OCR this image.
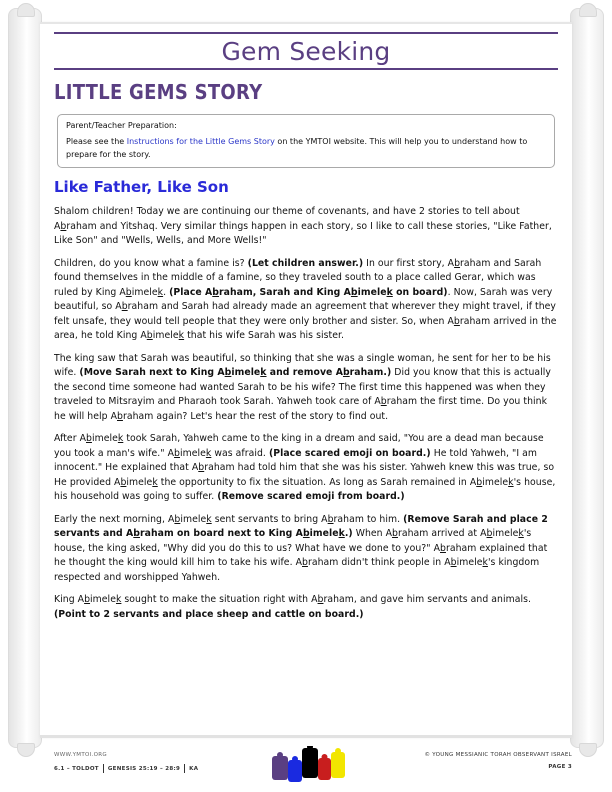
Gem Seeking
LITTLE GEMS STORY

Parent/Teacher Preparation:

Please see the Instructions for the Little Gems Story on the YMTOI website. This will help you to understand how to prepare for the story.

Like Father, Like Son

Shalom children! Today we are continuing our theme of covenants, and have 2 stories to tell about Abraham and Yitshaq. Very similar things happen in each story, so I like to call these stories, "Like Father, Like Son" and "Wells, Wells, and More Wells!"

Children, do you know what a famine is? (Let children answer.) In our first story, Abraham and Sarah found themselves in the middle of a famine, so they traveled south to a place called Gerar, which was ruled by King Abimelek. (Place Abraham, Sarah and King Abimelek on board). Now, Sarah was very beautiful, so Abraham and Sarah had already made an agreement that wherever they might travel, if they felt unsafe, they would tell people that they were only brother and sister. So, when Abraham arrived in the area, he told King Abimelek that his wife Sarah was his sister.

The king saw that Sarah was beautiful, so thinking that she was a single woman, he sent for her to be his wife. (Move Sarah next to King Abimelek and remove Abraham.) Did you know that this is actually the second time someone had wanted Sarah to be his wife? The first time this happened was when they traveled to Mitsrayim and Pharaoh took Sarah. Yahweh took care of Abraham the first time. Do you think he will help Abraham again? Let's hear the rest of the story to find out.

After Abimelek took Sarah, Yahweh came to the king in a dream and said, "You are a dead man because you took a man's wife." Abimelek was afraid. (Place scared emoji on board.) He told Yahweh, "I am innocent." He explained that Abraham had told him that she was his sister. Yahweh knew this was true, so He provided Abimelek the opportunity to fix the situation. As long as Sarah remained in Abimelek's house, his household was going to suffer. (Remove scared emoji from board.)

Early the next morning, Abimelek sent servants to bring Abraham to him. (Remove Sarah and place 2 servants and Abraham on board next to King Abimelek.) When Abraham arrived at Abimelek's house, the king asked, "Why did you do this to us? What have we done to you?" Abraham explained that he thought the king would kill him to take his wife. Abraham didn't think people in Abimelek's kingdom respected and worshipped Yahweh.

King Abimelek sought to make the situation right with Abraham, and gave him servants and animals. (Point to 2 servants and place sheep and cattle on board.)

WWW.YMTOI.ORG
6.1 – TOLDOT GENESIS 25:19 – 28:9 KA
© YOUNG MESSIANIC TORAH OBSERVANT ISRAEL
PAGE 3
